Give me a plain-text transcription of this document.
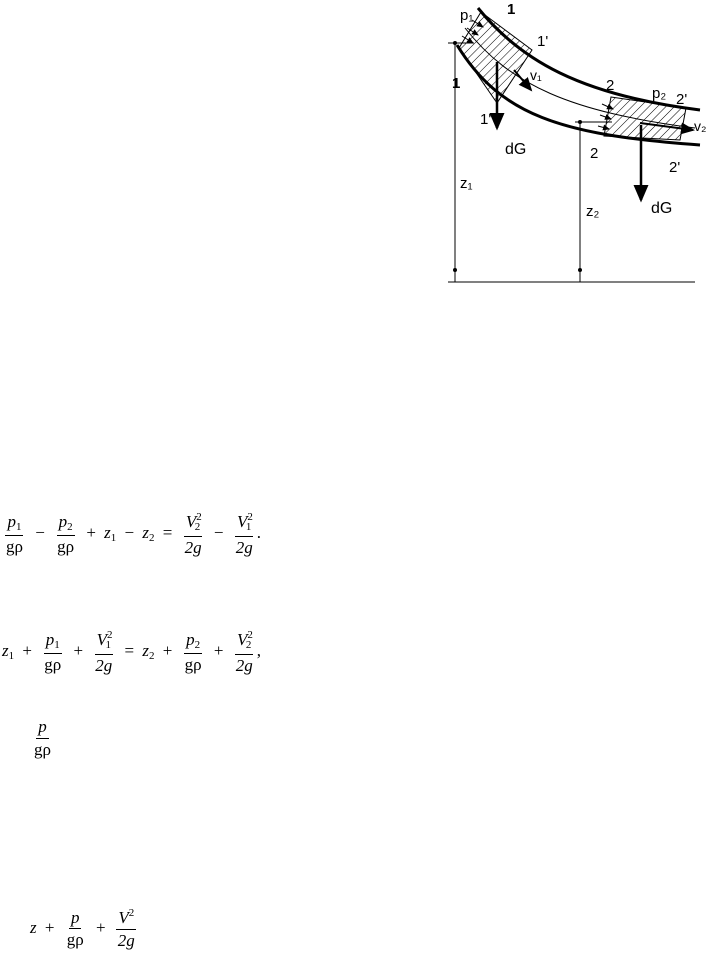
p₁ 1
1
1'
1'
v₁
dG
z₁
2	p₂ 2'
v₂
2
2'
z₂	dG
$\frac{p_1}{g\rho} - \frac{p_2}{g\rho} + z_1 - z_2 = \frac{V^2_2}{2g} - \frac{V^2_1}{2g}$ .
$z_1 + \frac{p_1}{g\rho} + \frac{V^2_1}{2g} = z_2 + \frac{p_2}{g\rho} + \frac{V^2_2}{2g}$ ,
$\frac{p}{g\rho}$
$z + \frac{p}{g\rho} + \frac{V^2}{2g}$
